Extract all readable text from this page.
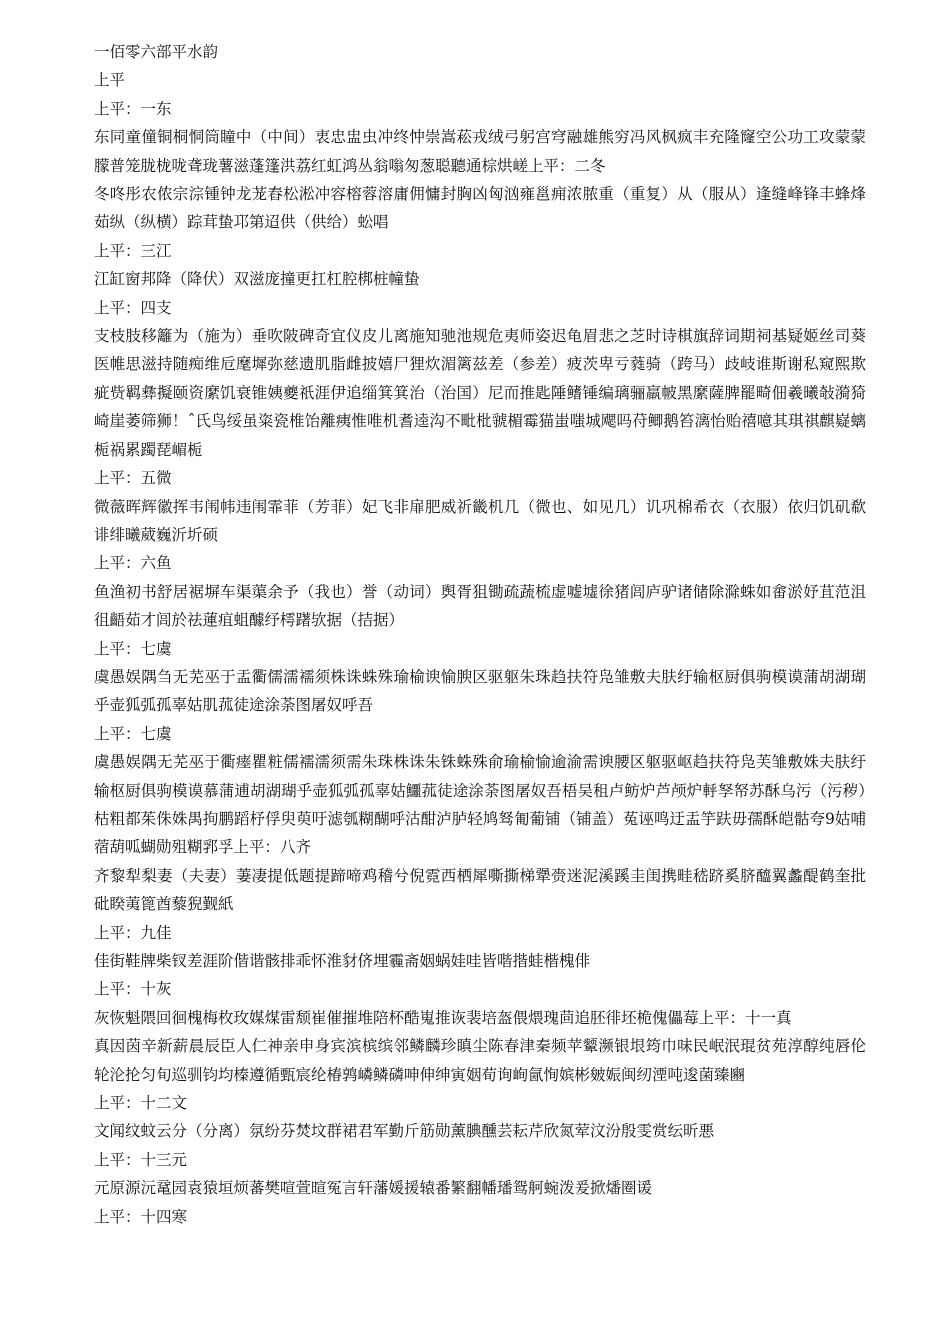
一佰零六部平水韵

上平

上平：一东

东同童僮铜桐恫筒瞳中（中间）衷忠盅虫冲终忡崇嵩菘戎绒弓躬宫穹融雄熊穷冯风枫疯丰充隆窿空公功工攻蒙蒙朦普笼胧栊咙聋珑薯滋蓬篷洪荔红虹鸿丛翁嗡匆葱聪聽通棕烘嵯上平：二冬

冬咚彤农侬宗淙锺钟龙茏舂松淞冲容榕蓉溶庸佣慵封胸凶匈汹雍邕痈浓脓重（重复）从（服从）逢缝峰锋丰蜂烽茹纵（纵横）踪茸蛰邛第迢供（供给）蚣唱

上平：三江

江缸窗邦降（降伏）双滋庞撞更扛杠腔梆桩幢蛰

上平：四支

支枝肢移籬为（施为）垂吹陂碑奇宜仪皮儿离施知驰池规危夷师姿迟龟眉悲之芝时诗棋旗辞词期祠基疑姬丝司葵医帷思滋持随痴维卮麾墀弥慈遗肌脂雌披嬉尸狸炊湄篱兹差（参差）疲茨卑亏蕤骑（跨马）歧岐谁斯谢私窥熙欺疵赀羁彝擬颐资縻饥衰锥姨夔祇涯伊追缁箕箕治（治国）尼而推匙陲鳍锤编璃骊羸帔黑縻薩脾罷畸佃羲曦敧漪猗崎崖萎筛狮！ˆ氏鸟绥虽粢瓷椎饴離痍惟唯机耆逵沟不毗枇虢楣霉猫蚩嗤城飔吗苻鲫鹅笞漓怡贻禧噫其琪祺麒嶷螭栀祸累躅琵嵋栀

上平：五微

微薇晖辉徽挥韦闱帏违闱霏菲（芳菲）妃飞非扉肥威祈畿机几（微也、如见几）讥巩棉希衣（衣服）依归饥矶欷诽绯曦葳巍沂圻硕

上平：六鱼

鱼渔初书舒居裾塀车渠蕖余予（我也）誉（动词）舆胥狙锄疏蔬梳虚嘘墟徐猪闾庐驴诸储除滁蛛如畲淤妤苴范沮徂齬茹才闾於祛蓮疽蛆醵纾樗躇欤据（拮据）

上平：七虞

虞愚娱隅刍无芜巫于盂衢儒濡襦须株诛蛛殊瑜榆谀愉腴区驱躯朱珠趋扶符凫雏敷夫肤纡输枢厨俱驹模谟蒲胡湖瑚乎壶狐弧孤辜姑肌菰徒途涂荼图屠奴呼吾

上平：七虞

虞愚娱隅无芜巫于衢瘗瞿粧儒襦濡须需朱珠株诛朱铢蛛殊俞瑜榆愉逾渝需谀腰区躯驱岖趋扶符凫芙雏敷姝夫肤纡输枢厨俱驹模谟慕蒲逋胡湖瑚乎壶狐弧孤辜姑鱷菰徒途涂荼图屠奴吾梧吴租卢鲂炉芦颅炉軤孥帑苏酥乌污（污秽）枯粗都茱侏姝禺拘鹏蹈杼俘臾萸吁滤瓠糊醐呼沽酣泸胪轻鸠驽匍葡铺（铺盖）菟诬鸣迂盂竽趺毋孺酥皑骷夸9姑哺蓿葫呱蝴勋殂糊郛孚上平：八齐

齐黎犁梨妻（夫妻）萋凄提低题提蹄啼鸡稽兮倪霓西栖犀嘶撕梯犟赍迷泥溪蹊圭闺携畦嵇跻奚脐醯翼蠡醍鹤奎批砒睽荑篦酋藜猊觐紙

上平：九佳

佳街鞋牌柴钗差涯阶偕谐骸排乖怀淮豺侪埋霾斋姻蜗娃哇皆喈揩蛙楷槐俳

上平：十灰

灰恢魁隈回徊槐梅枚玫媒煤雷颓崔催摧堆陪杯酷嵬推诙裴培盔偎煨瑰茴追胚徘坯桅傀儡莓上平：十一真

真因茵辛新薪晨辰臣人仁神亲申身宾滨槟缤邻鳞麟珍瞋尘陈春津秦频苹颦濒银垠筠巾味民岷泯琨贫苑淳醇纯唇伦轮沦抡匀旬巡驯钧均榛遵循甄宸纶椿鹑嶙鳞磷呻伸绅寅姻荀询峋氤恂嫔彬皴娠闽纫湮吨逡菌臻豳

上平：十二文

文闻纹蚊云分（分离）氛纷芬焚坟群裙君军勤斤筋勋薰腆醺芸耘芹欣氮荤汶汾殷雯赏纭昕悪

上平：十三元

元原源沅鼋园袁猿垣烦蕃樊喧萱暄冤言轩藩媛援辕番繁翻幡璠鸳舸蜿泼爰掀燔圈谖

上平：十四寒
